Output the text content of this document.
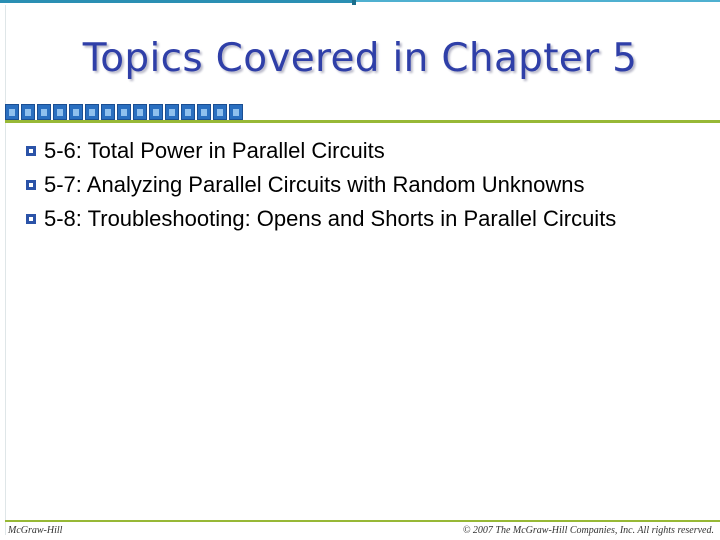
Topics Covered in Chapter 5
5-6: Total Power in Parallel Circuits
5-7: Analyzing Parallel Circuits with Random Unknowns
5-8: Troubleshooting: Opens and Shorts in Parallel Circuits
McGraw-Hill	© 2007 The McGraw-Hill Companies, Inc. All rights reserved.
